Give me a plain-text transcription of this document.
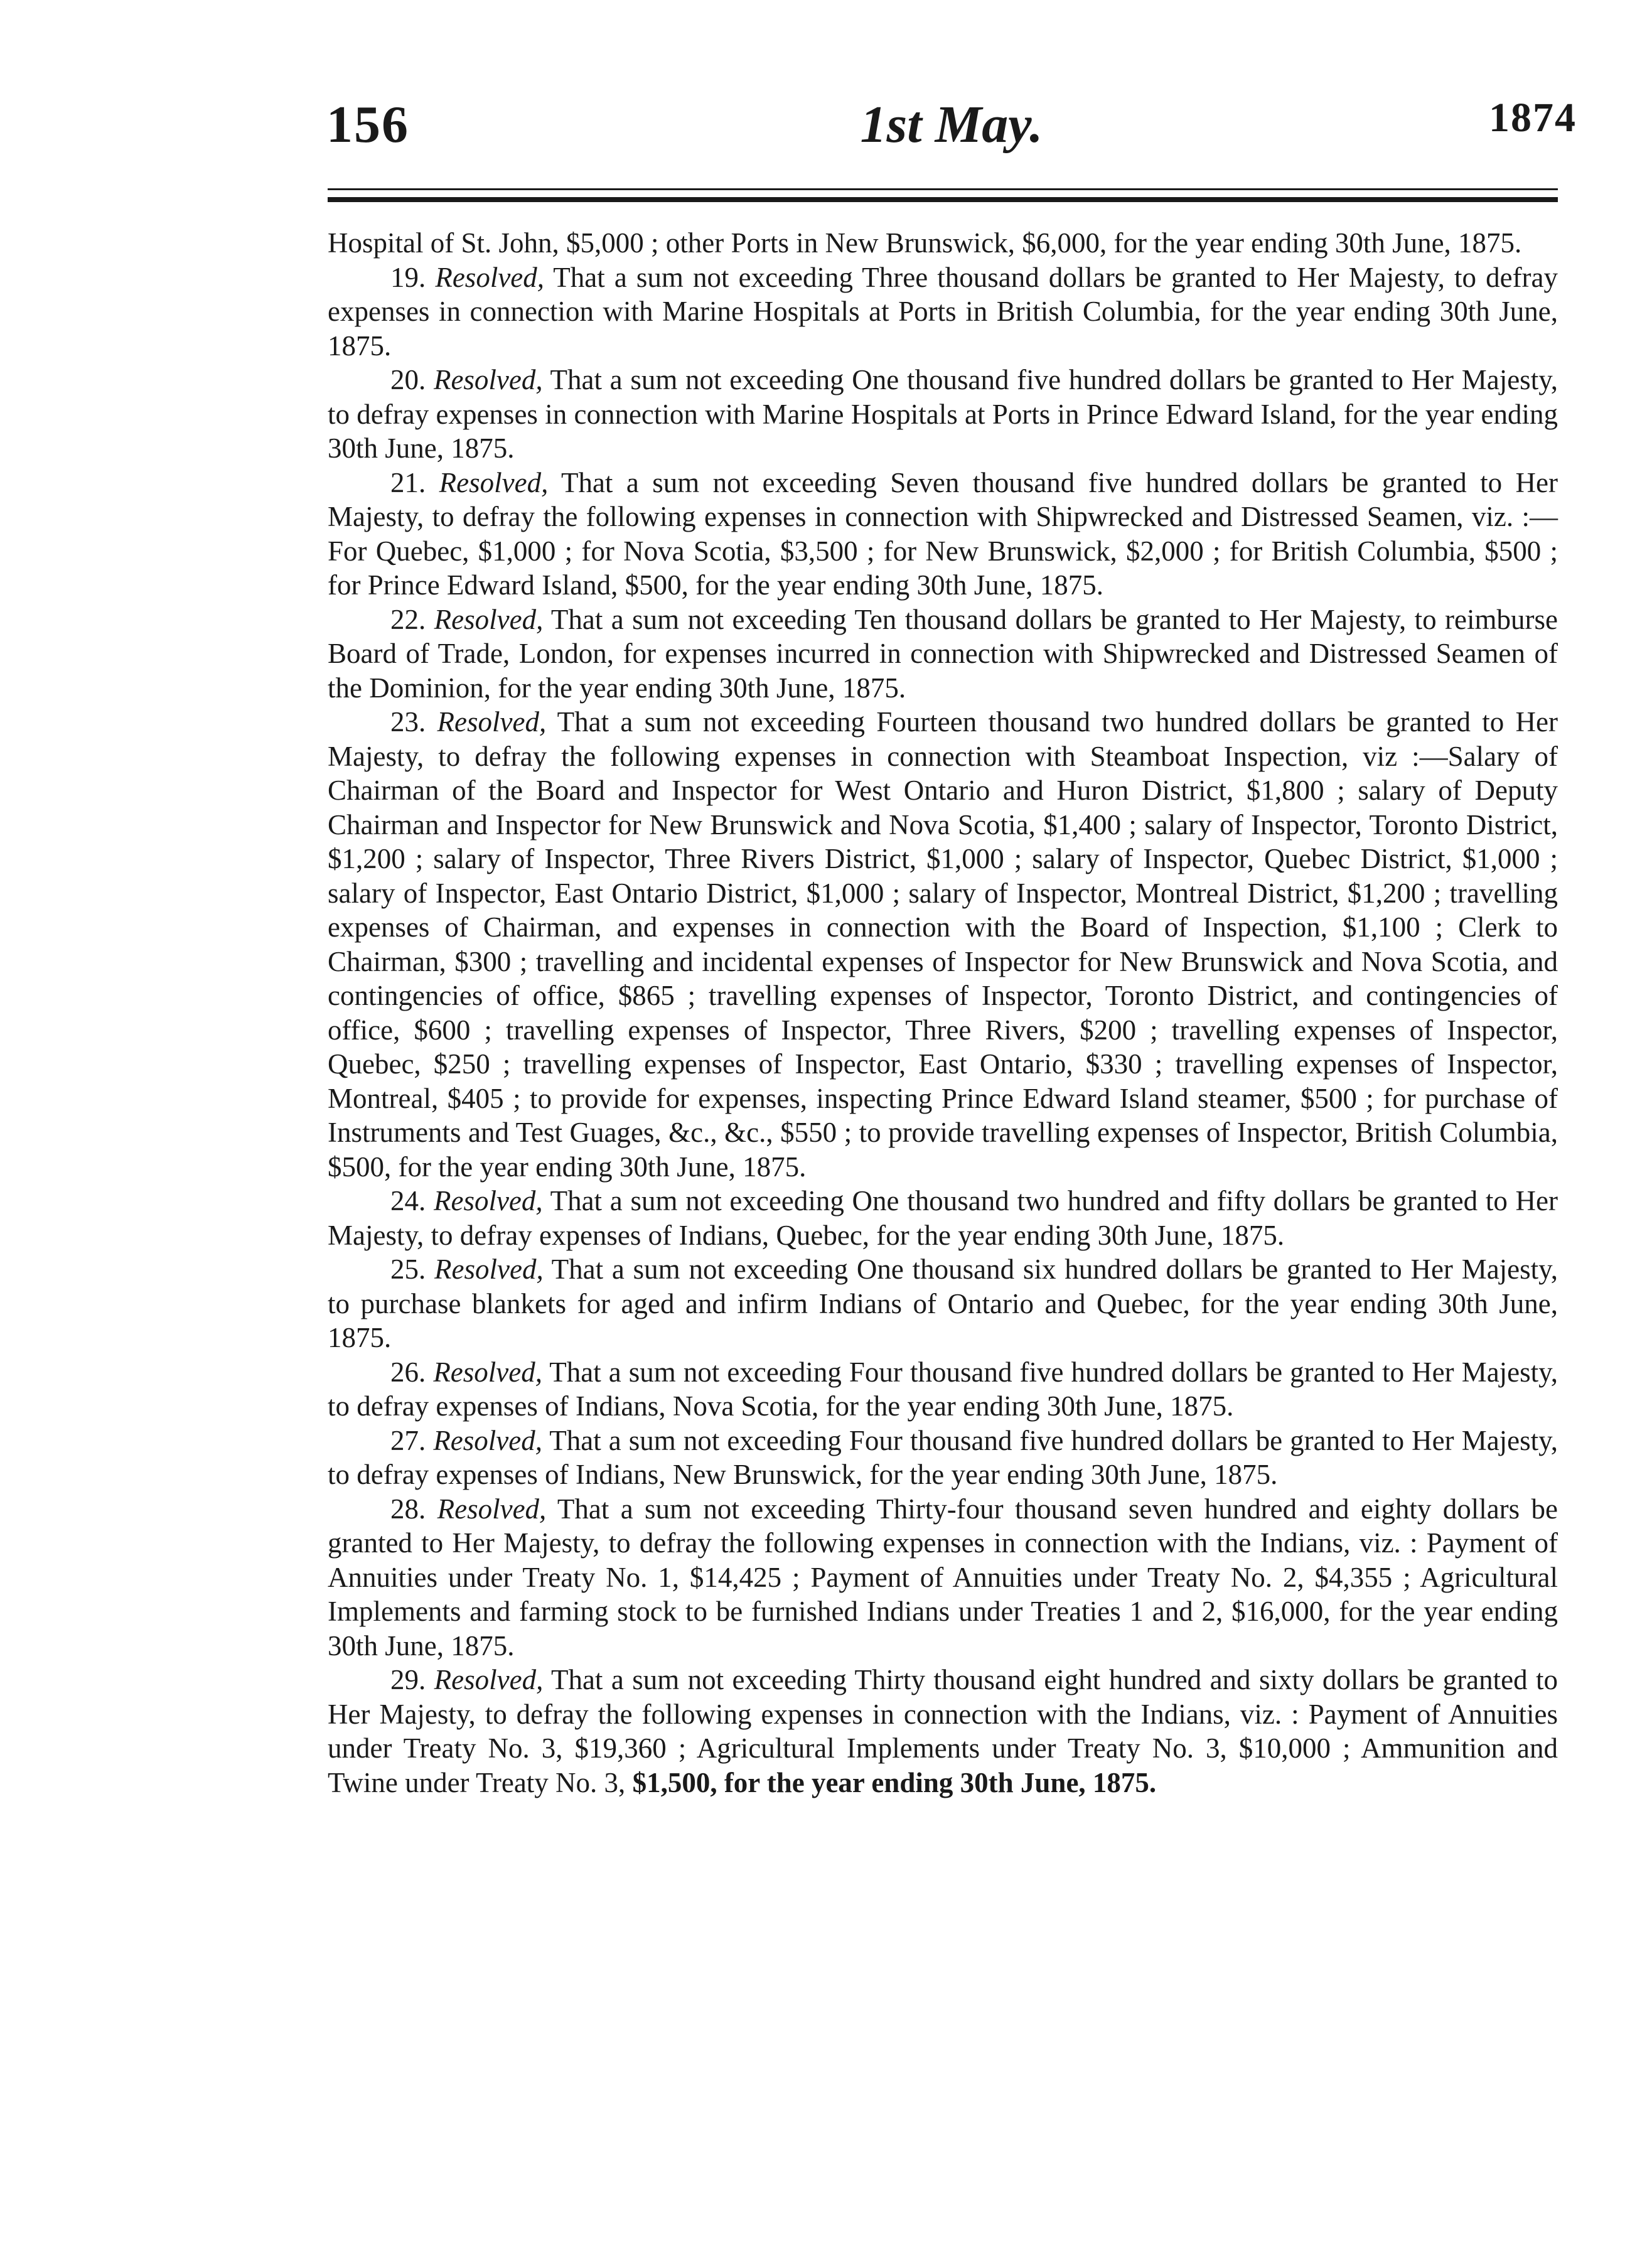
156	1st May.	1874

Hospital of St. John, $5,000 ; other Ports in New Brunswick, $6,000, for the year ending 30th June, 1875.

19. Resolved, That a sum not exceeding Three thousand dollars be granted to Her Majesty, to defray expenses in connection with Marine Hospitals at Ports in British Columbia, for the year ending 30th June, 1875.

20. Resolved, That a sum not exceeding One thousand five hundred dollars be granted to Her Majesty, to defray expenses in connection with Marine Hospitals at Ports in Prince Edward Island, for the year ending 30th June, 1875.

21. Resolved, That a sum not exceeding Seven thousand five hundred dollars be granted to Her Majesty, to defray the following expenses in connection with Shipwrecked and Distressed Seamen, viz. :—For Quebec, $1,000 ; for Nova Scotia, $3,500 ; for New Brunswick, $2,000 ; for British Columbia, $500 ; for Prince Edward Island, $500, for the year ending 30th June, 1875.

22. Resolved, That a sum not exceeding Ten thousand dollars be granted to Her Majesty, to reimburse Board of Trade, London, for expenses incurred in connection with Shipwrecked and Distressed Seamen of the Dominion, for the year ending 30th June, 1875.

23. Resolved, That a sum not exceeding Fourteen thousand two hundred dollars be granted to Her Majesty, to defray the following expenses in connection with Steamboat Inspection, viz :—Salary of Chairman of the Board and Inspector for West Ontario and Huron District, $1,800 ; salary of Deputy Chairman and Inspector for New Brunswick and Nova Scotia, $1,400 ; salary of Inspector, Toronto District, $1,200 ; salary of Inspector, Three Rivers District, $1,000 ; salary of Inspector, Quebec District, $1,000 ; salary of Inspector, East Ontario District, $1,000 ; salary of Inspector, Montreal District, $1,200 ; travelling expenses of Chairman, and expenses in connection with the Board of Inspection, $1,100 ; Clerk to Chairman, $300 ; travelling and incidental expenses of Inspector for New Brunswick and Nova Scotia, and contingencies of office, $865 ; travelling expenses of Inspector, Toronto District, and contingencies of office, $600 ; travelling expenses of Inspector, Three Rivers, $200 ; travelling expenses of Inspector, Quebec, $250 ; travelling expenses of Inspector, East Ontario, $330 ; travelling expenses of Inspector, Montreal, $405 ; to provide for expenses, inspecting Prince Edward Island steamer, $500 ; for purchase of Instruments and Test Guages, &c., &c., $550 ; to provide travelling expenses of Inspector, British Columbia, $500, for the year ending 30th June, 1875.

24. Resolved, That a sum not exceeding One thousand two hundred and fifty dollars be granted to Her Majesty, to defray expenses of Indians, Quebec, for the year ending 30th June, 1875.

25. Resolved, That a sum not exceeding One thousand six hundred dollars be granted to Her Majesty, to purchase blankets for aged and infirm Indians of Ontario and Quebec, for the year ending 30th June, 1875.

26. Resolved, That a sum not exceeding Four thousand five hundred dollars be granted to Her Majesty, to defray expenses of Indians, Nova Scotia, for the year ending 30th June, 1875.

27. Resolved, That a sum not exceeding Four thousand five hundred dollars be granted to Her Majesty, to defray expenses of Indians, New Brunswick, for the year ending 30th June, 1875.

28. Resolved, That a sum not exceeding Thirty-four thousand seven hundred and eighty dollars be granted to Her Majesty, to defray the following expenses in connection with the Indians, viz. : Payment of Annuities under Treaty No. 1, $14,425 ; Payment of Annuities under Treaty No. 2, $4,355 ; Agricultural Implements and farming stock to be furnished Indians under Treaties 1 and 2, $16,000, for the year ending 30th June, 1875.

29. Resolved, That a sum not exceeding Thirty thousand eight hundred and sixty dollars be granted to Her Majesty, to defray the following expenses in connection with the Indians, viz. : Payment of Annuities under Treaty No. 3, $19,360 ; Agricultural Implements under Treaty No. 3, $10,000 ; Ammunition and Twine under Treaty No. 3, $1,500, for the year ending 30th June, 1875.
